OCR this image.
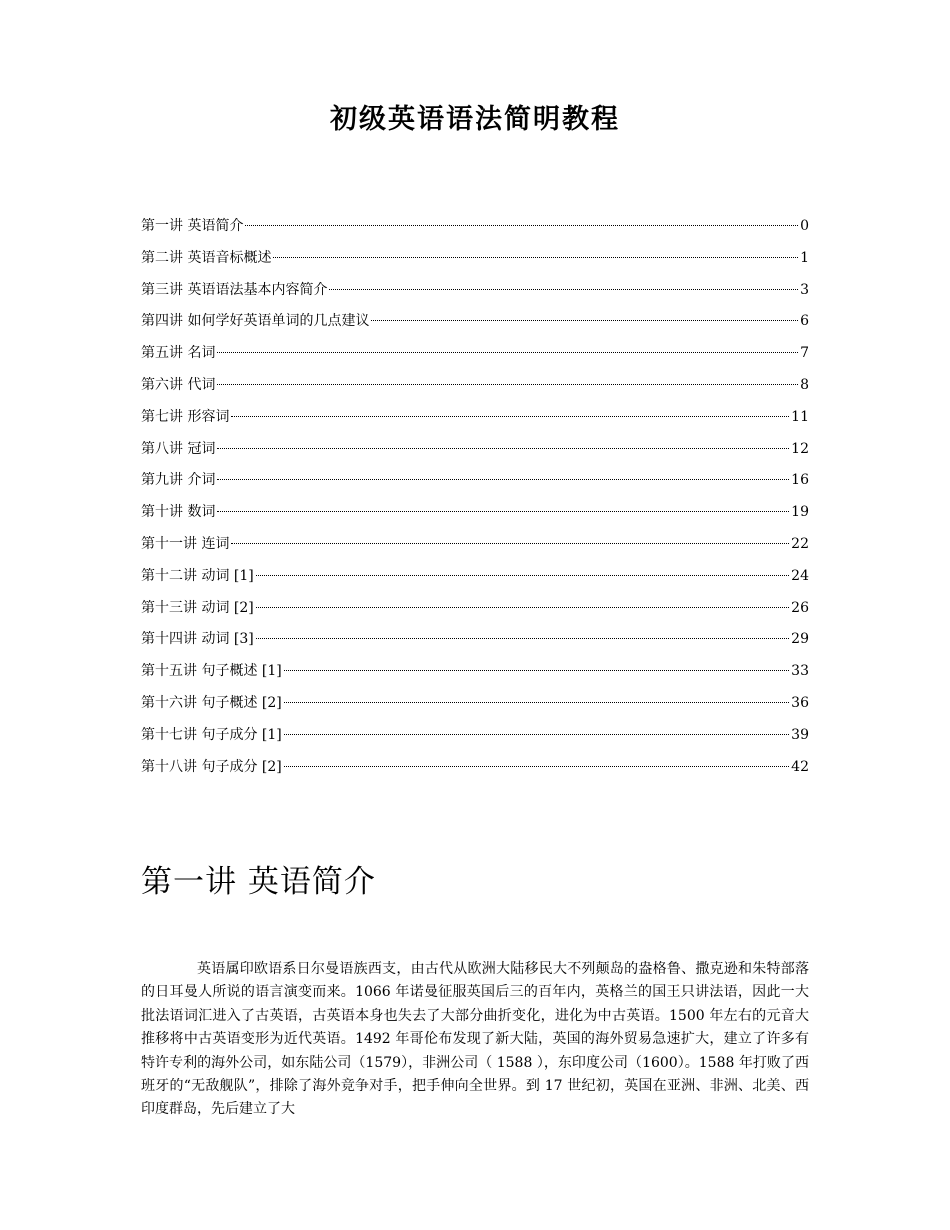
初级英语语法简明教程
第一讲 英语简介	0
第二讲 英语音标概述	1
第三讲 英语语法基本内容简介	3
第四讲 如何学好英语单词的几点建议	6
第五讲 名词	7
第六讲 代词	8
第七讲 形容词	11
第八讲 冠词	12
第九讲 介词	16
第十讲 数词	19
第十一讲 连词	22
第十二讲 动词 [1]	24
第十三讲 动词 [2]	26
第十四讲 动词 [3]	29
第十五讲 句子概述 [1]	33
第十六讲 句子概述 [2]	36
第十七讲 句子成分 [1]	39
第十八讲 句子成分 [2]	42
第一讲 英语简介

英语属印欧语系日尔曼语族西支，由古代从欧洲大陆移民大不列颠岛的盎格鲁、撒克逊和朱特部落的日耳曼人所说的语言演变而来。1066 年诺曼征服英国后三的百年内，英格兰的国王只讲法语，因此一大批法语词汇进入了古英语，古英语本身也失去了大部分曲折变化，进化为中古英语。1500 年左右的元音大推移将中古英语变形为近代英语。1492 年哥伦布发现了新大陆，英国的海外贸易急速扩大，建立了许多有特许专利的海外公司，如东陆公司（1579），非洲公司（ 1588 ），东印度公司（1600）。1588 年打败了西班牙的“无敌舰队”，排除了海外竞争对手，把手伸向全世界。到 17 世纪初，英国在亚洲、非洲、北美、西印度群岛，先后建立了大
